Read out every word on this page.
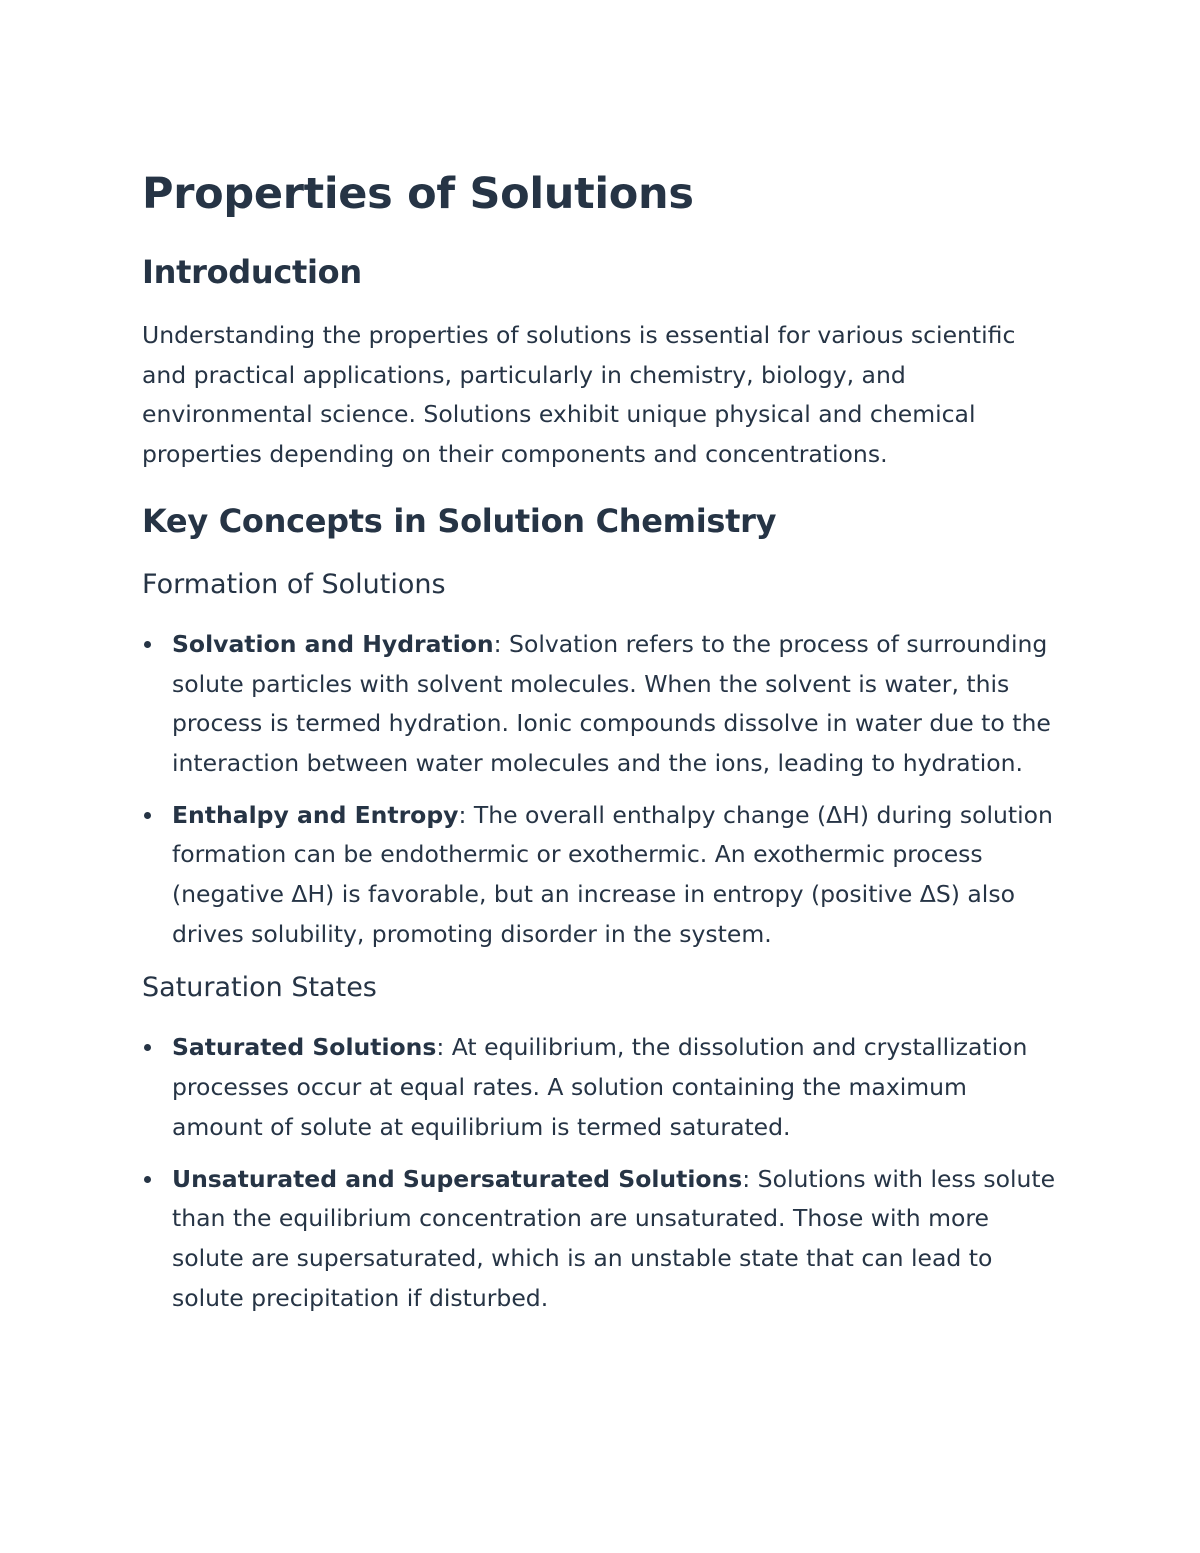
Properties of Solutions
Introduction

Understanding the properties of solutions is essential for various scientific and practical applications, particularly in chemistry, biology, and environmental science. Solutions exhibit unique physical and chemical properties depending on their components and concentrations.

Key Concepts in Solution Chemistry
Formation of Solutions
Solvation and Hydration: Solvation refers to the process of surrounding solute particles with solvent molecules. When the solvent is water, this process is termed hydration. Ionic compounds dissolve in water due to the interaction between water molecules and the ions, leading to hydration.
Enthalpy and Entropy: The overall enthalpy change (ΔH) during solution formation can be endothermic or exothermic. An exothermic process (negative ΔH) is favorable, but an increase in entropy (positive ΔS) also drives solubility, promoting disorder in the system.
Saturation States
Saturated Solutions: At equilibrium, the dissolution and crystallization processes occur at equal rates. A solution containing the maximum amount of solute at equilibrium is termed saturated.
Unsaturated and Supersaturated Solutions: Solutions with less solute than the equilibrium concentration are unsaturated. Those with more solute are supersaturated, which is an unstable state that can lead to solute precipitation if disturbed.
